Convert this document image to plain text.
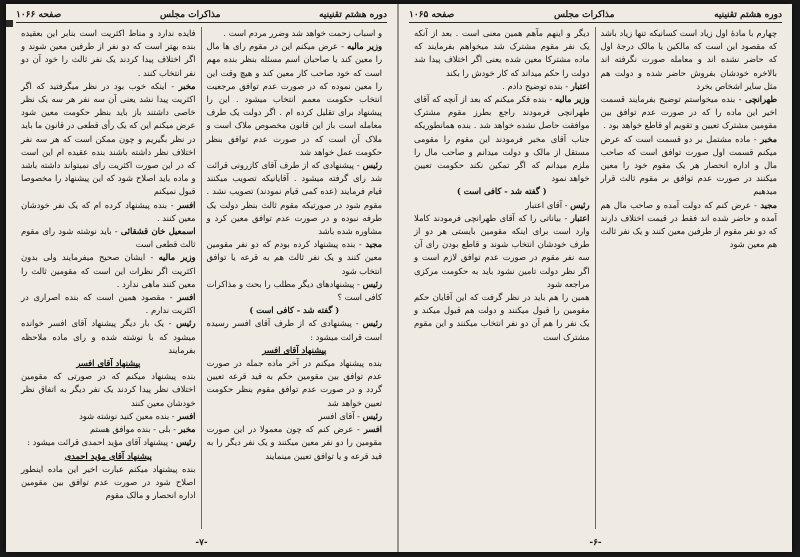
دوره هشتم تقنینیه
مذاکرات مجلس
صفحه ۱۰۶۶

و اسباب زحمت خواهد شد وضرر مردم است .

وزیر مالیه - عرض میکنم این در مقوم رای ها مال را معین کند یا صاحبان اسم مسئله بنظر بنده مهم است که خود صاحب کار معین کند و هیچ وقت این را معین نموده که در صورت عدم توافق مرجعیت انتخاب حکومت معمم انتخاب میشود . این را پیشنهاد برای تقلیل کرده ام . اگر دولت یک طرف معامله است باز این قانون مخصوص ملاک است و ملاک آن است که در صورت عدم توافق بنظر حکومت عمل خواهد شد

رئیس - پیشنهادی که از طرف آقای کازرونی قرائت شد رای گرفته میشود . آقایانیکه تصویب میکنند قیام فرمایند (عده کمی قیام نمودند) تصویب نشد . مقوم شود در صورتیکه مقوم ثالث بنظر دولت یک طرفه نبوده و در صورت عدم توافق معین کرد و مشاوره شده باشد

مجید - بنده پیشنهاد کرده بودم که دو نفر مقومین معین کنند و یک نفر ثالث هم به قرعه یا توافق انتخاب شود

رئیس - پیشنهادهای دیگر مطلب را بحث و مذاکرات کافی است ؟

( گفته شد - کافی است )

رئیس - پیشنهادی که از طرف آقای افسر رسیده است قرائت میشود :

پیشنهاد آقای افسر

بنده پیشنهاد میکنم در آخر ماده جمله در صورت عدم توافق بین مقومین حکم به قید قرعه تعیین گردد و در صورت عدم توافق مقوم بنظر حکومت تعیین خواهد شد

رئیس - آقای افسر

افسر - عرض کنم که چون معمولا در این صورت مقومین را دو نفر معین میکنند و یک نفر دیگر را به قید قرعه و یا توافق تعیین مینمایند

فایده ندارد و مناط اکثریت است بنابر این بعقیده بنده بهتر است که دو نفر از طرفین معین شوند و اگر اختلاف پیدا کردند یک نفر ثالث را خود آن دو نفر انتخاب کنند .

مخبر - اینکه خوب بود در نظر میگرفتید که اگر اکثریت پیدا نشد یعنی آن سه نفر هر سه یک نظر خاصی داشتند باز باید بنظر حکومت معین شود عرض میکنم این که یک رأی قطعی در قانون ما باید در نظر بگیریم و چون ممکن است که هر سه نفر اختلاف نظر داشته باشند بنده عقیده ام این است که در این صورت اکثریت رای نمیتواند داشته باشد و ماده باید اصلاح شود که این پیشنهاد را مخصوصا قبول نمیکنم

افسر - بنده پیشنهاد کرده ام که یک نفر خودشان معین کنند .

اسمعیل خان قشقائی - باید نوشته شود رای مقوم ثالث قطعی است

وزیر مالیه - ایشان صحیح میفرمایند ولی بدون اکثریت اگر نظرات این است که مقومین ثالث را معین کنند ماهی ندارد .

افسر - مقصود همین است که بنده اصراری در اکثریت ندارم .

رئیس - یک بار دیگر پیشنهاد آقای افسر خوانده میشود که با نوشته شده و رای ماده ملاحظه بفرمایند

پیشنهاد آقای افسر

بنده پیشنهاد میکنم که در صورتی که مقومین اختلاف نظر پیدا کردند یک نفر دیگر به اتفاق نظر خودشان معین کنند

افسر - بنده معین کنید نوشته شود

مخبر - بلی - بنده موافق هستم

رئیس - پیشنهاد آقای مؤید احمدی قرائت میشود :

پیشنهاد آقای مؤید احمدی

بنده پیشنهاد میکنم عبارت اخیر این ماده اینطور اصلاح شود در صورت عدم توافق بین مقومین اداره انحصار و مالک مقوم

-۷-
دوره هشتم تقنینیه
مذاکرات مجلس
صفحه ۱۰۶۵

چهارم با مادهٔ اول زیاد است کسانیکه تنها زیاد باشد که مقصود این است که مالکین یا مالک درجهٔ اول که حاضر نشده اند و معامله صورت نگرفته اند بالاخره خودشان بفروش حاضر شده و دولت هم مثل سایر اشخاص بخرد

طهرانچی - بنده میخواستم توضیح بفرمایند قسمت اخیر این ماده را که در صورت عدم توافق بین مقومین مشترک تعیین و تقویم او قاطع خواهد بود .

مخبر - ماده مشتمل بر دو قسمت است که عرض میکنم قسمت اول صورت توافق است که صاحب مال و اداره انحصار هر یک مقوم خود را معین میکنند در صورت عدم توافق بر مقوم ثالث قرار میدهیم

مجید - عرض کنم که دولت آمده و صاحب مال هم آمده و حاضر شده اند فقط در قیمت اختلاف دارند که دو نفر مقوم از طرفین معین کنند و یک نفر ثالث هم معین شود

دیگر و اینهم مآهم همین معنی است . بعد از آنکه یک نفر مقوم مشترک شد میخواهم بفرمایند که ماده مشترکا معین شده یعنی اگر اختلاف پیدا شد دولت را حکم میداند که کار خودش را بکند

اعتبار - بنده توضیح دادم .

وزیر مالیه - بنده فکر میکنم که بعد از آنچه که آقای طهرانچی فرمودند راجع بطرز مقوم مشترک موافقت حاصل نشده خواهد شد . بنده همانطوریکه جناب آقای مخبر فرمودند این مقوم را مقومی مستقل از مالک و دولت میدانم و صاحب مال را ملزم میدانم که اگر تمکین نکند حکومت تعیین خواهد نمود

( گفته شد - کافی است )

رئیس - آقای اعتبار

اعتبار - بیاناتی را که آقای طهرانچی فرمودند کاملا وارد است برای اینکه مقومین بایستی هر دو از طرف خودشان انتخاب شوند و قاطع بودن رای آن سه نفر مقوم در صورت عدم توافق لازم است و اگر نظر دولت تامین نشود باید به حکومت مرکزی مراجعه شود

همین را هم باید در نظر گرفت که این آقایان حکم مقومین را قبول میکنند و دولت هم قبول میکند و یک نفر را هم آن دو نفر انتخاب میکنند و این مقوم مشترک است

-۶-
